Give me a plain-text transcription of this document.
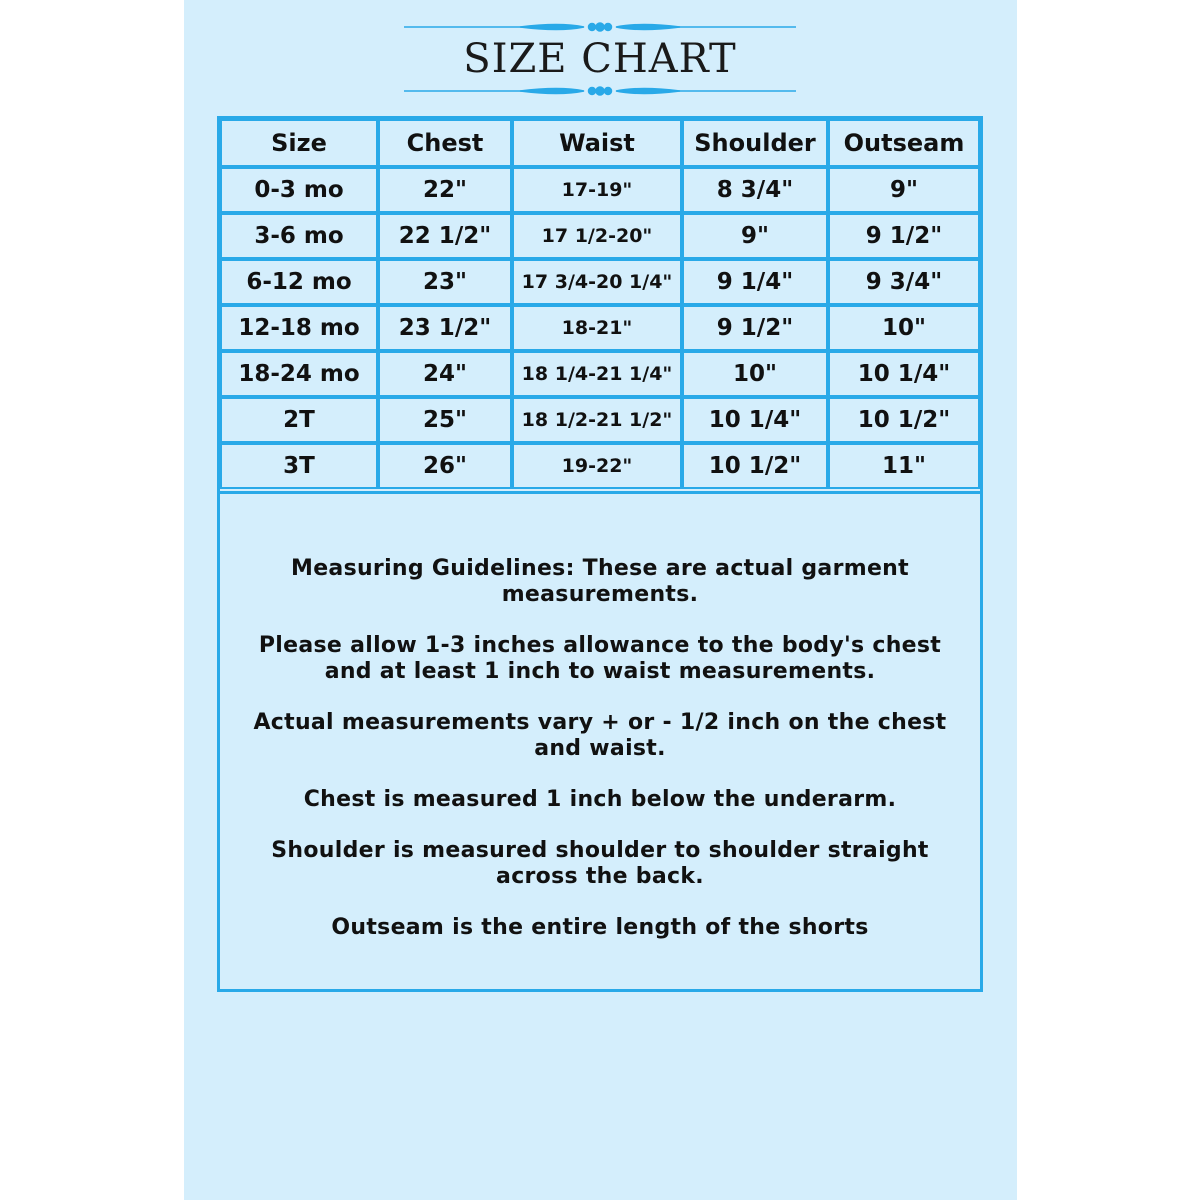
SIZE CHART
Size	Chest	Waist	Shoulder	Outseam
0-3 mo	22"	17-19"	8 3/4"	9"
3-6 mo	22 1/2"	17 1/2-20"	9"	9 1/2"
6-12 mo	23"	17 3/4-20 1/4"	9 1/4"	9 3/4"
12-18 mo	23 1/2"	18-21"	9 1/2"	10"
18-24 mo	24"	18 1/4-21 1/4"	10"	10 1/4"
2T	25"	18 1/2-21 1/2"	10 1/4"	10 1/2"
3T	26"	19-22"	10 1/2"	11"

Measuring Guidelines: These are actual garment measurements.

Please allow 1-3 inches allowance to the body's chest and at least 1 inch to waist measurements.

Actual measurements vary + or - 1/2 inch on the chest and waist.

Chest is measured 1 inch below the underarm.

Shoulder is measured shoulder to shoulder straight across the back.

Outseam is the entire length of the shorts
